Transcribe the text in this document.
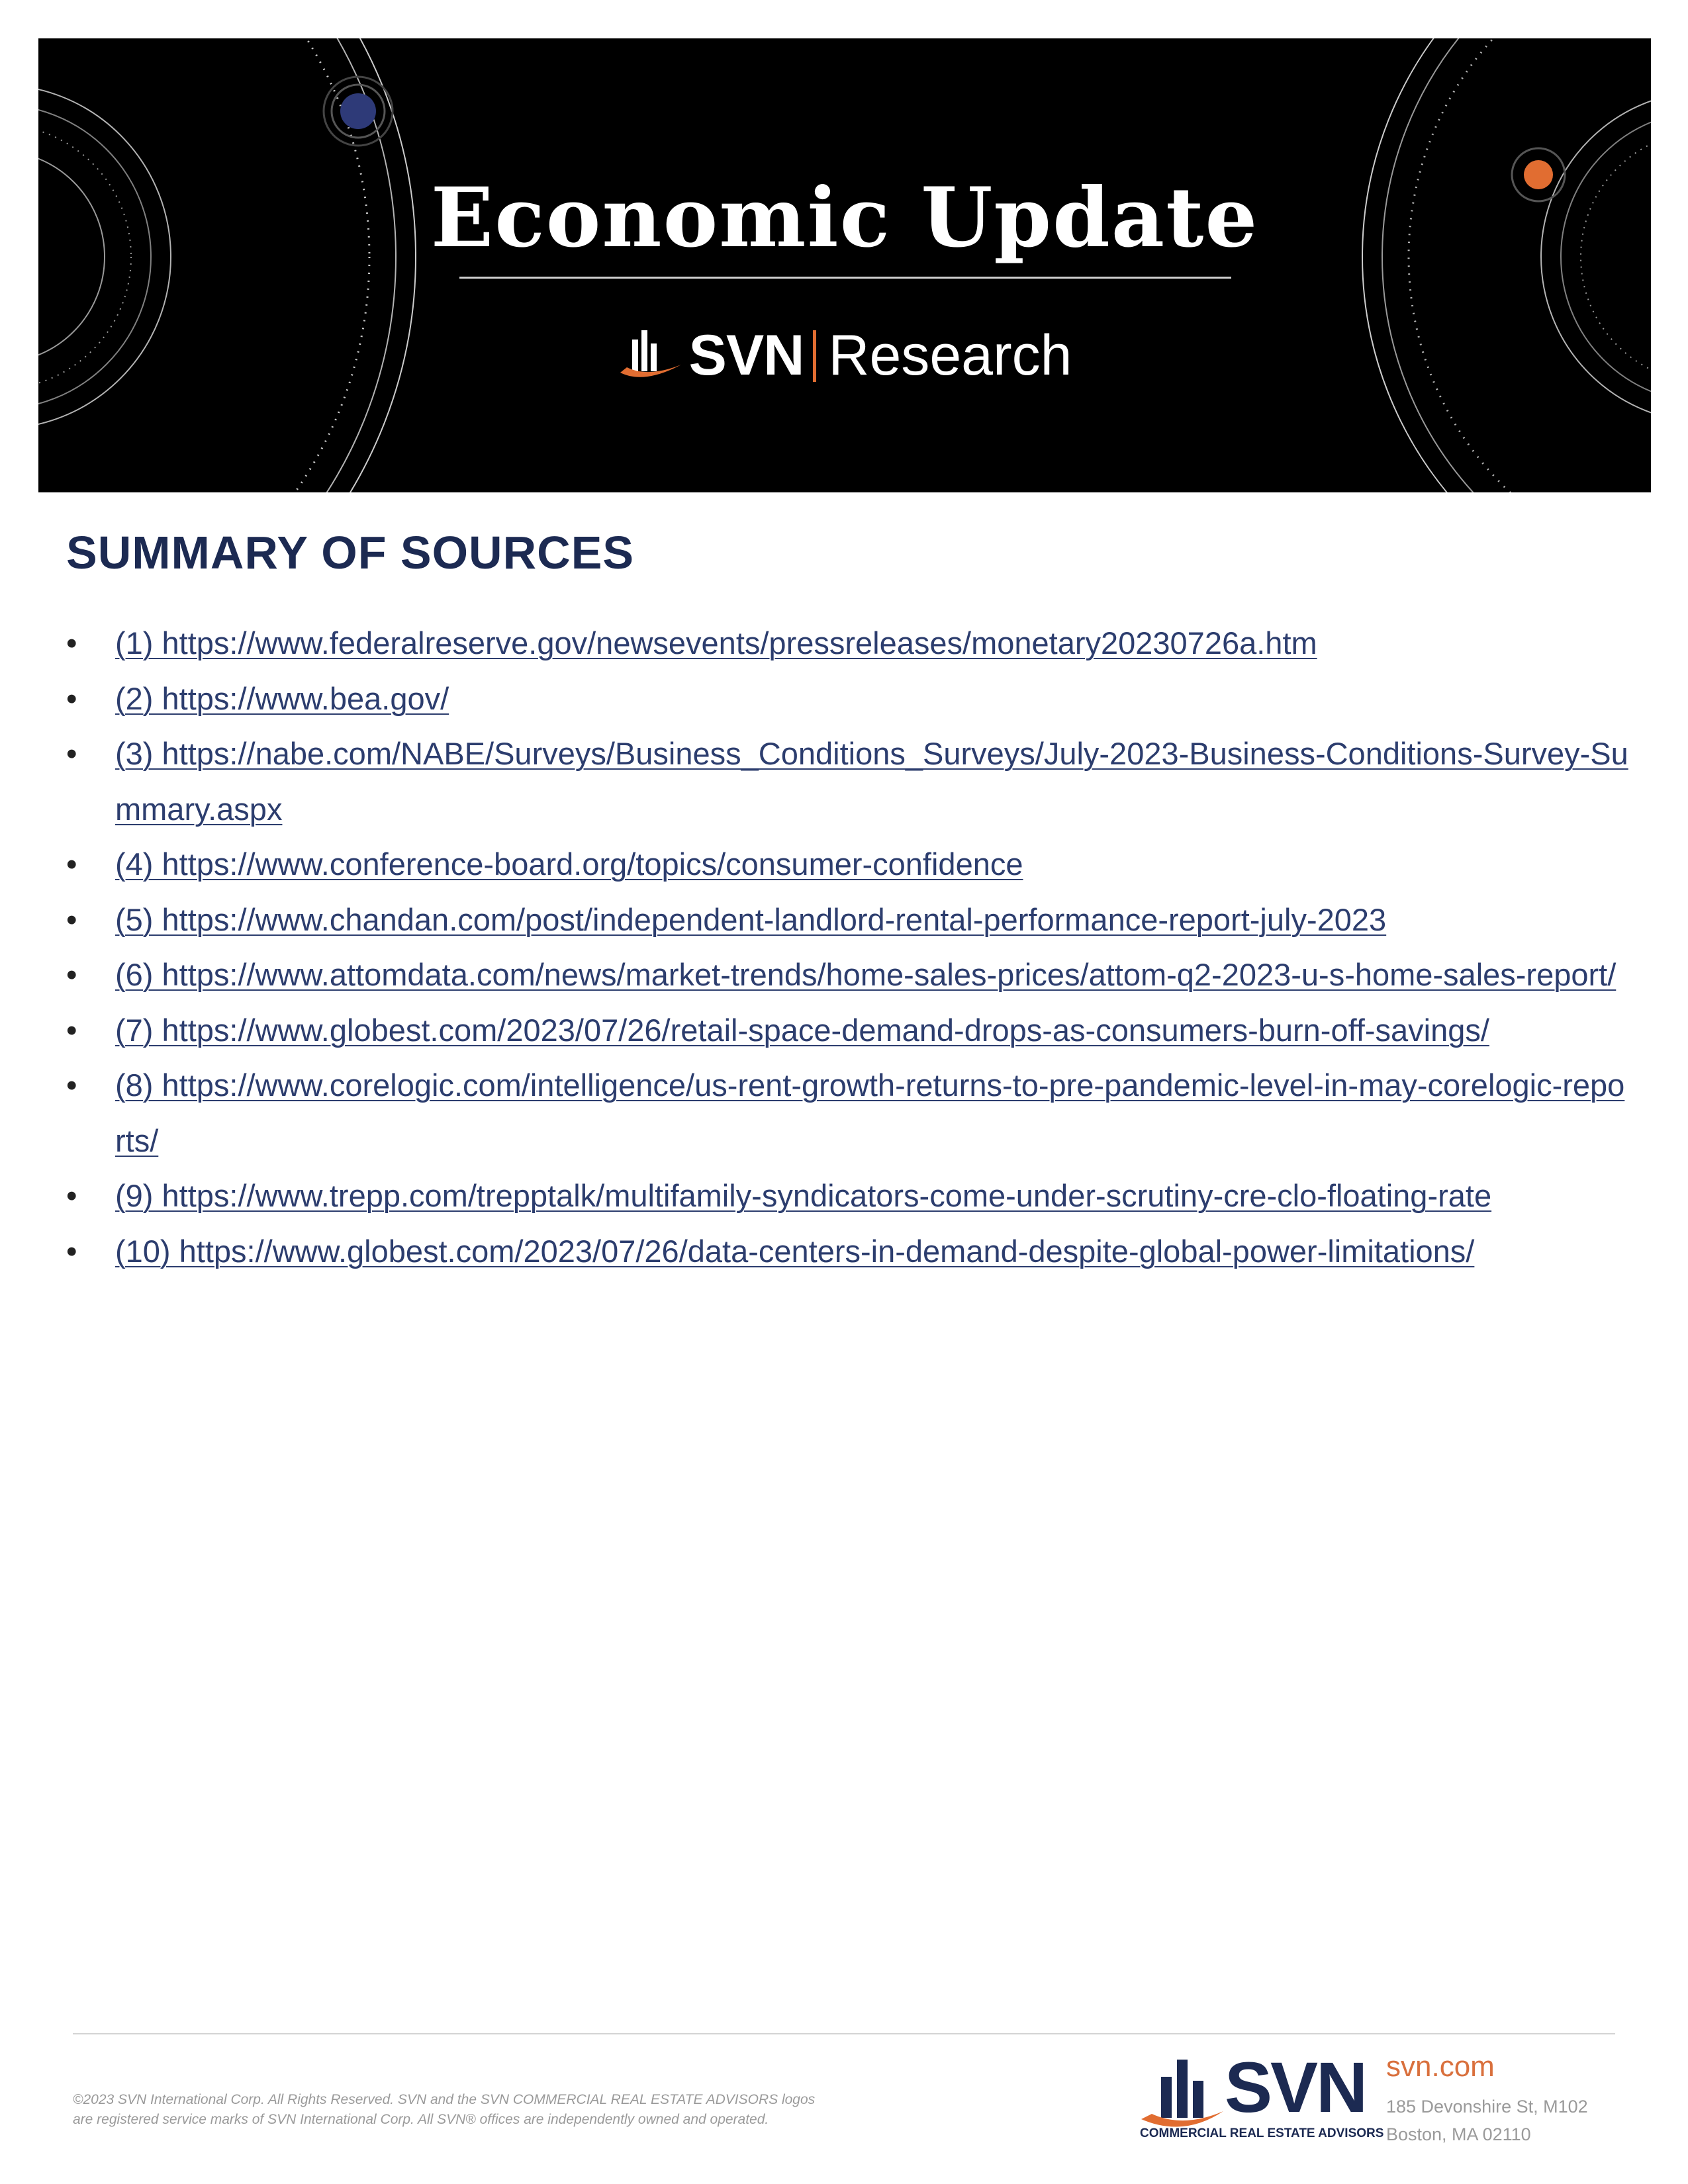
Economic Update
SVN Research
SUMMARY OF SOURCES
• (1) https://www.federalreserve.gov/newsevents/pressreleases/monetary20230726a.htm
• (2) https://www.bea.gov/
• (3) https://nabe.com/NABE/Surveys/Business_Conditions_Surveys/July-2023-Business-Conditions-Survey-Summary.aspx
• (4) https://www.conference-board.org/topics/consumer-confidence
• (5) https://www.chandan.com/post/independent-landlord-rental-performance-report-july-2023
• (6) https://www.attomdata.com/news/market-trends/home-sales-prices/attom-q2-2023-u-s-home-sales-report/
• (7) https://www.globest.com/2023/07/26/retail-space-demand-drops-as-consumers-burn-off-savings/
• (8) https://www.corelogic.com/intelligence/us-rent-growth-returns-to-pre-pandemic-level-in-may-corelogic-reports/
• (9) https://www.trepp.com/trepptalk/multifamily-syndicators-come-under-scrutiny-cre-clo-floating-rate
• (10) https://www.globest.com/2023/07/26/data-centers-in-demand-despite-global-power-limitations/
©2023 SVN International Corp. All Rights Reserved. SVN and the SVN COMMERCIAL REAL ESTATE ADVISORS logos
are registered service marks of SVN International Corp. All SVN® offices are independently owned and operated.	SVN
COMMERCIAL REAL ESTATE ADVISORS
svn.com
185 Devonshire St, M102
Boston, MA 02110
